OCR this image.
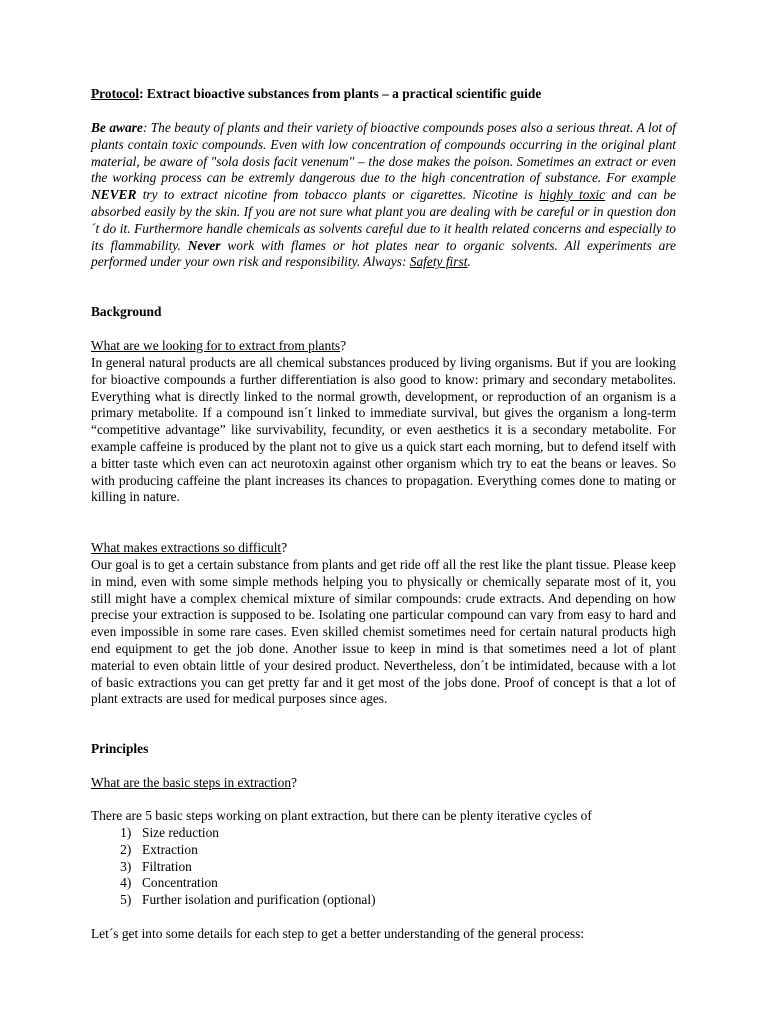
Protocol: Extract bioactive substances from plants – a practical scientific guide
Be aware: The beauty of plants and their variety of bioactive compounds poses also a serious threat. A lot of plants contain toxic compounds. Even with low concentration of compounds occurring in the original plant material, be aware of "sola dosis facit venenum" – the dose makes the poison. Sometimes an extract or even the working process can be extremly dangerous due to the high concentration of substance. For example NEVER try to extract nicotine from tobacco plants or cigarettes. Nicotine is highly toxic and can be absorbed easily by the skin. If you are not sure what plant you are dealing with be careful or in question don´t do it. Furthermore handle chemicals as solvents careful due to it health related concerns and especially to its flammability. Never work with flames or hot plates near to organic solvents. All experiments are performed under your own risk and responsibility. Always: Safety first.
Background
What are we looking for to extract from plants?
In general natural products are all chemical substances produced by living organisms. But if you are looking for bioactive compounds a further differentiation is also good to know: primary and secondary metabolites. Everything what is directly linked to the normal growth, development, or reproduction of an organism is a primary metabolite. If a compound isn´t linked to immediate survival, but gives the organism a long-term “competitive advantage” like survivability, fecundity, or even aesthetics it is a secondary metabolite. For example caffeine is produced by the plant not to give us a quick start each morning, but to defend itself with a bitter taste which even can act neurotoxin against other organism which try to eat the beans or leaves. So with producing caffeine the plant increases its chances to propagation. Everything comes done to mating or killing in nature.
What makes extractions so difficult?
Our goal is to get a certain substance from plants and get ride off all the rest like the plant tissue. Please keep in mind, even with some simple methods helping you to physically or chemically separate most of it, you still might have a complex chemical mixture of similar compounds: crude extracts. And depending on how precise your extraction is supposed to be. Isolating one particular compound can vary from easy to hard and even impossible in some rare cases. Even skilled chemist sometimes need for certain natural products high end equipment to get the job done. Another issue to keep in mind is that sometimes need a lot of plant material to even obtain little of your desired product. Nevertheless, don´t be intimidated, because with a lot of basic extractions you can get pretty far and it get most of the jobs done. Proof of concept is that a lot of plant extracts are used for medical purposes since ages.
Principles
What are the basic steps in extraction?
There are 5 basic steps working on plant extraction, but there can be plenty iterative cycles of
1. Size reduction
2. Extraction
3. Filtration
4. Concentration
5. Further isolation and purification (optional)
Let´s get into some details for each step to get a better understanding of the general process:
